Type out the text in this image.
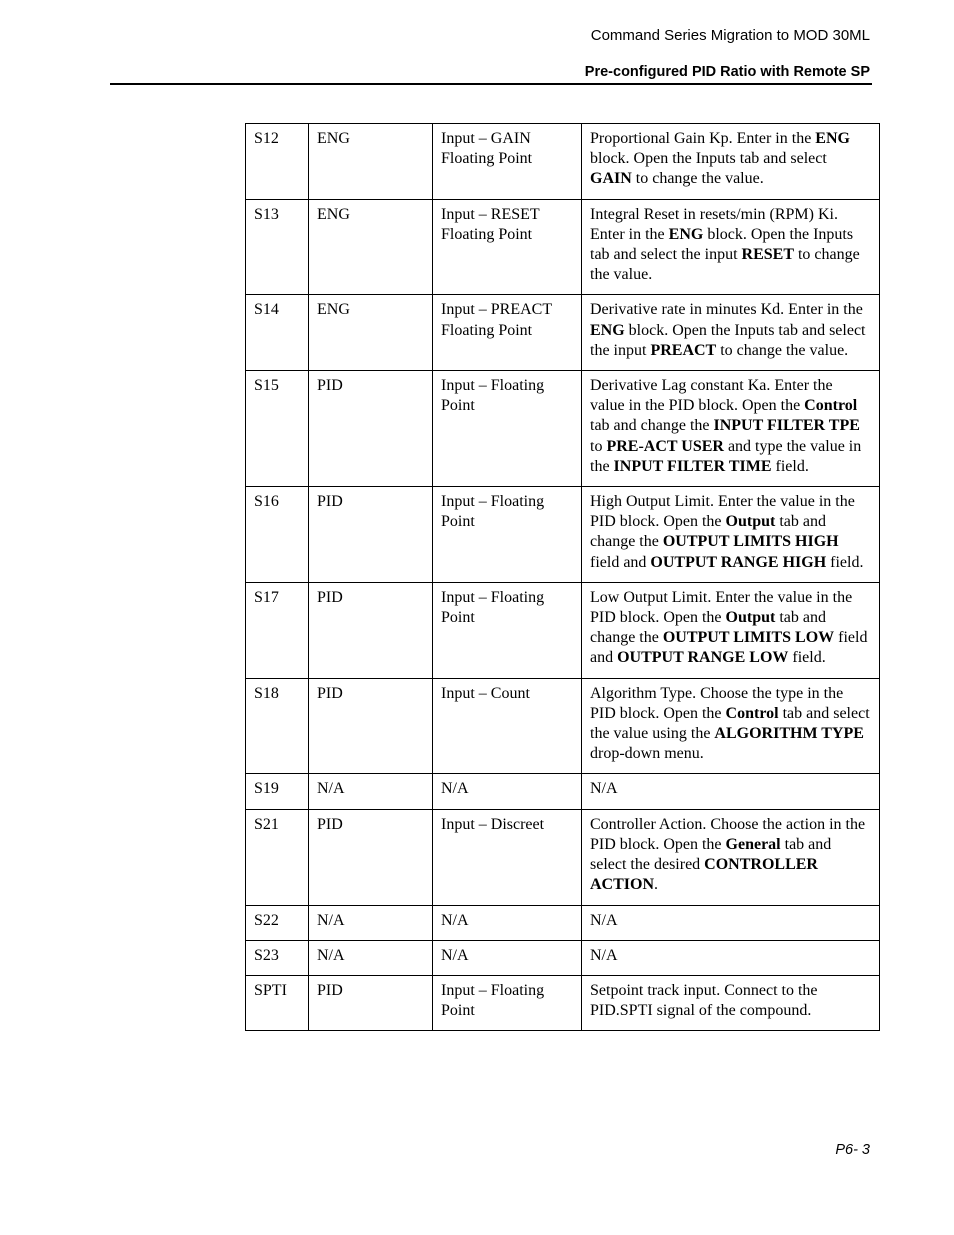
Command Series Migration to MOD 30ML
Pre-configured PID Ratio with Remote SP
S12	ENG	Input – GAIN Floating Point	Proportional Gain Kp. Enter in the ENG block. Open the Inputs tab and select GAIN to change the value.
S13	ENG	Input – RESET Floating Point	Integral Reset in resets/min (RPM) Ki. Enter in the ENG block. Open the Inputs tab and select the input RESET to change the value.
S14	ENG	Input – PREACT Floating Point	Derivative rate in minutes Kd. Enter in the ENG block. Open the Inputs tab and select the input PREACT to change the value.
S15	PID	Input – Floating Point	Derivative Lag constant Ka. Enter the value in the PID block. Open the Control tab and change the INPUT FILTER TPE to PRE-ACT USER and type the value in the INPUT FILTER TIME field.
S16	PID	Input – Floating Point	High Output Limit. Enter the value in the PID block. Open the Output tab and change the OUTPUT LIMITS HIGH field and OUTPUT RANGE HIGH field.
S17	PID	Input – Floating Point	Low Output Limit. Enter the value in the PID block. Open the Output tab and change the OUTPUT LIMITS LOW field and OUTPUT RANGE LOW field.
S18	PID	Input – Count	Algorithm Type. Choose the type in the PID block. Open the Control tab and select the value using the ALGORITHM TYPE drop-down menu.
S19	N/A	N/A	N/A
S21	PID	Input – Discreet	Controller Action. Choose the action in the PID block. Open the General tab and select the desired CONTROLLER ACTION.
S22	N/A	N/A	N/A
S23	N/A	N/A	N/A
SPTI	PID	Input – Floating Point	Setpoint track input. Connect to the PID.SPTI signal of the compound.
P6- 3
